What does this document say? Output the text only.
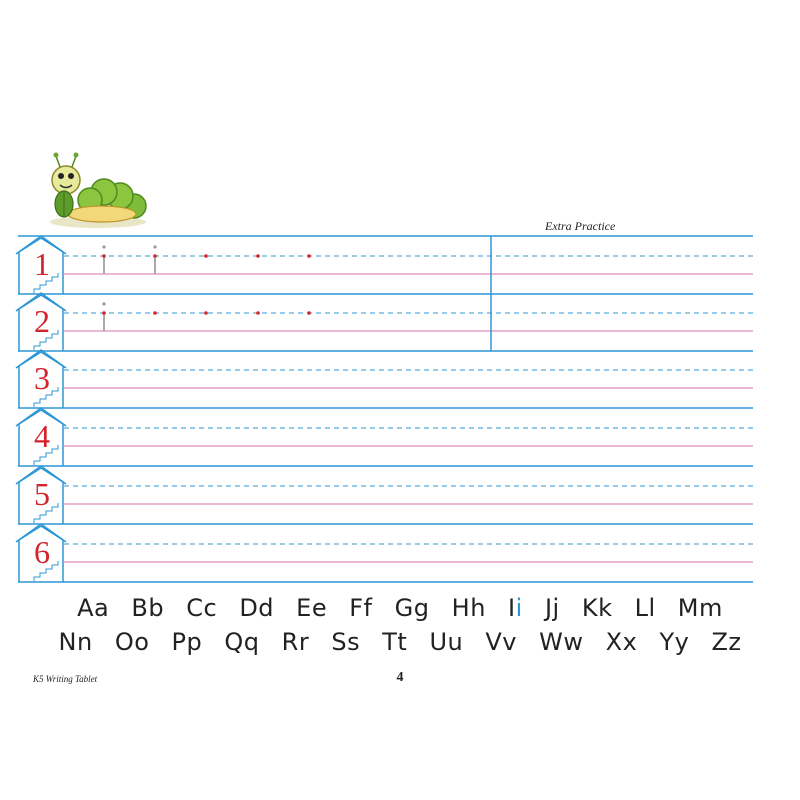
Extra Practice
1
2
3
4
5
6
Aa Bb Cc Dd Ee Ff Gg Hh Ii Jj Kk Ll Mm
Nn Oo Pp Qq Rr Ss Tt Uu Vv Ww Xx Yy Zz
K5 Writing Tablet	4
